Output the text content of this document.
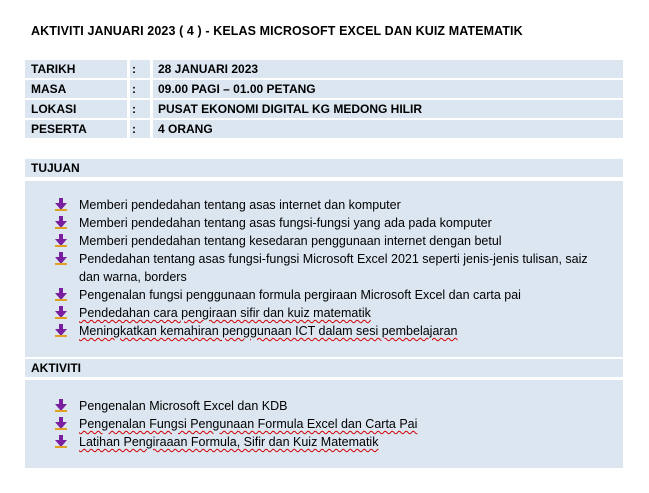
AKTIVITI JANUARI 2023 ( 4 ) - KELAS MICROSOFT EXCEL DAN KUIZ MATEMATIK
TARIKH	: 28 JANUARI 2023
MASA	: 09.00 PAGI – 01.00 PETANG
LOKASI	: PUSAT EKONOMI DIGITAL KG MEDONG HILIR
PESERTA	: 4 ORANG
TUJUAN
Memberi pendedahan tentang asas internet dan komputer
Memberi pendedahan tentang asas fungsi-fungsi yang ada pada komputer
Memberi pendedahan tentang kesedaran penggunaan internet dengan betul
Pendedahan tentang asas fungsi-fungsi Microsoft Excel 2021 seperti jenis-jenis tulisan, saiz dan warna, borders
Pengenalan fungsi penggunaan formula pergiraan Microsoft Excel dan carta pai
Pendedahan cara pengiraan sifir dan kuiz matematik
Meningkatkan kemahiran penggunaan ICT dalam sesi pembelajaran
AKTIVITI
Pengenalan Microsoft Excel dan KDB
Pengenalan Fungsi Pengunaan Formula Excel dan Carta Pai
Latihan Pengiraaan Formula, Sifir dan Kuiz Matematik
